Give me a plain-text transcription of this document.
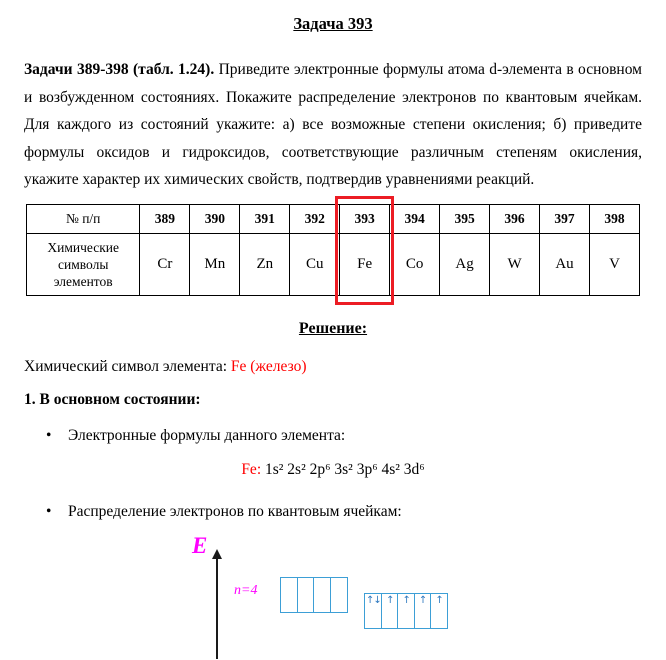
Задача 393

Задачи 389-398 (табл. 1.24). Приведите электронные формулы атома d-элемента в основном и возбужденном состояниях. Покажите распределение электронов по квантовым ячейкам. Для каждого из состояний укажите: а) все возможные степени окисления; б) приведите формулы оксидов и гидроксидов, соответствующие различным степеням окисления, укажите характер их химических свойств, подтвердив уравнениями реакций.

№ п/п	389	390	391	392	393	394	395	396	397	398
Химические символы элементов	Cr	Mn	Zn	Cu	Fe	Co	Ag	W	Au	V
Решение:

Химический символ элемента: Fe (железо)

1. В основном состоянии:

•	Электронные формулы данного элемента:

Fe: 1s² 2s² 2p⁶ 3s² 3p⁶ 4s² 3d⁶

•	Распределение электронов по квантовым ячейкам:
E
n=4
↑↓ ↑ ↑ ↑ ↑
